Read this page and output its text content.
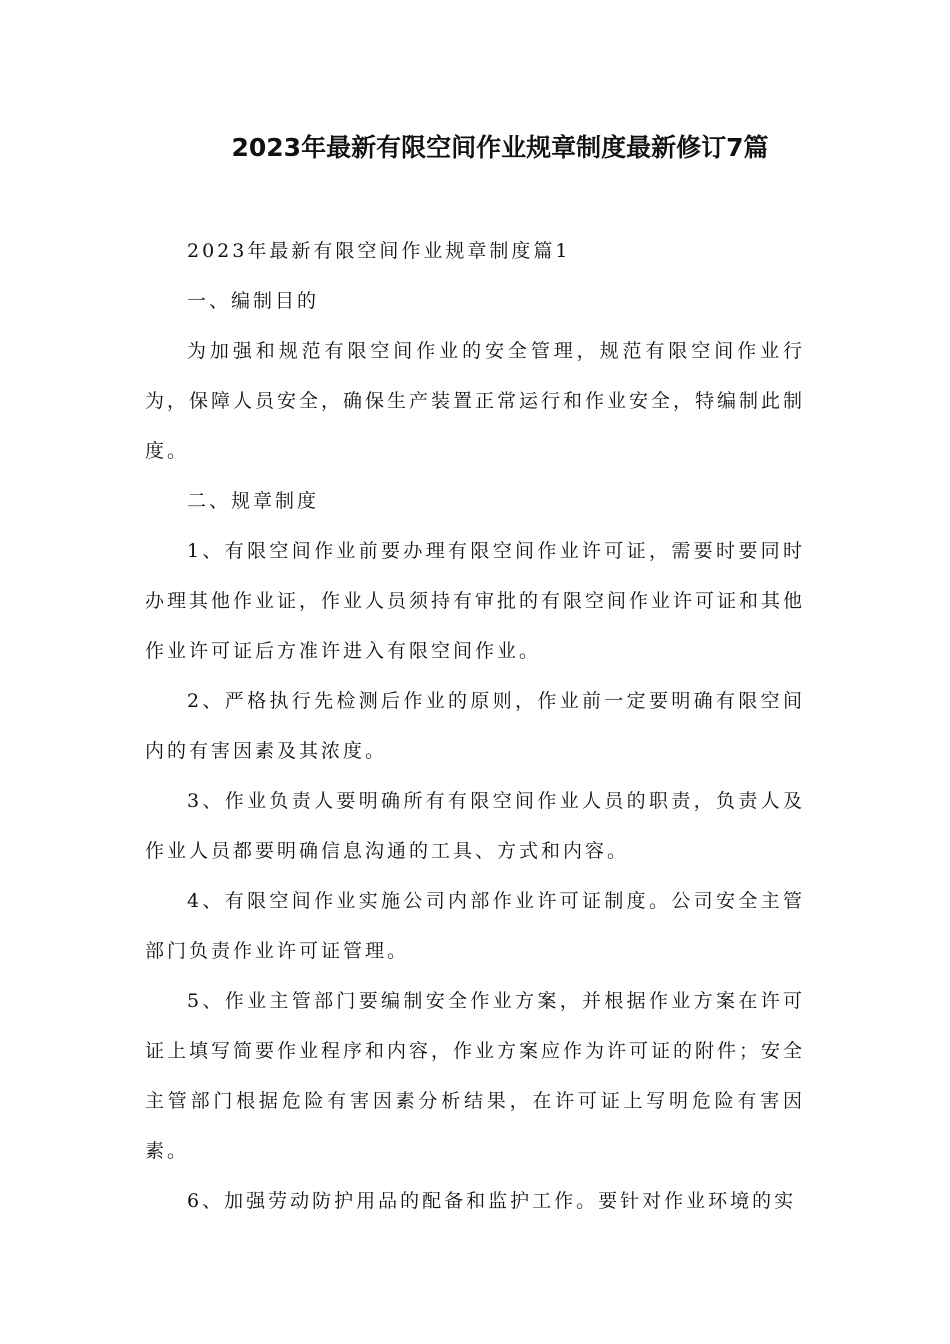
2023年最新有限空间作业规章制度最新修订7篇

2023年最新有限空间作业规章制度篇1

一、编制目的

为加强和规范有限空间作业的安全管理，规范有限空间作业行为，保障人员安全，确保生产装置正常运行和作业安全，特编制此制度。

二、规章制度

1、有限空间作业前要办理有限空间作业许可证，需要时要同时办理其他作业证，作业人员须持有审批的有限空间作业许可证和其他作业许可证后方准许进入有限空间作业。

2、严格执行先检测后作业的原则，作业前一定要明确有限空间内的有害因素及其浓度。

3、作业负责人要明确所有有限空间作业人员的职责，负责人及作业人员都要明确信息沟通的工具、方式和内容。

4、有限空间作业实施公司内部作业许可证制度。公司安全主管部门负责作业许可证管理。

5、作业主管部门要编制安全作业方案，并根据作业方案在许可证上填写简要作业程序和内容，作业方案应作为许可证的附件；安全主管部门根据危险有害因素分析结果，在许可证上写明危险有害因素。

6、加强劳动防护用品的配备和监护工作。要针对作业环境的实
